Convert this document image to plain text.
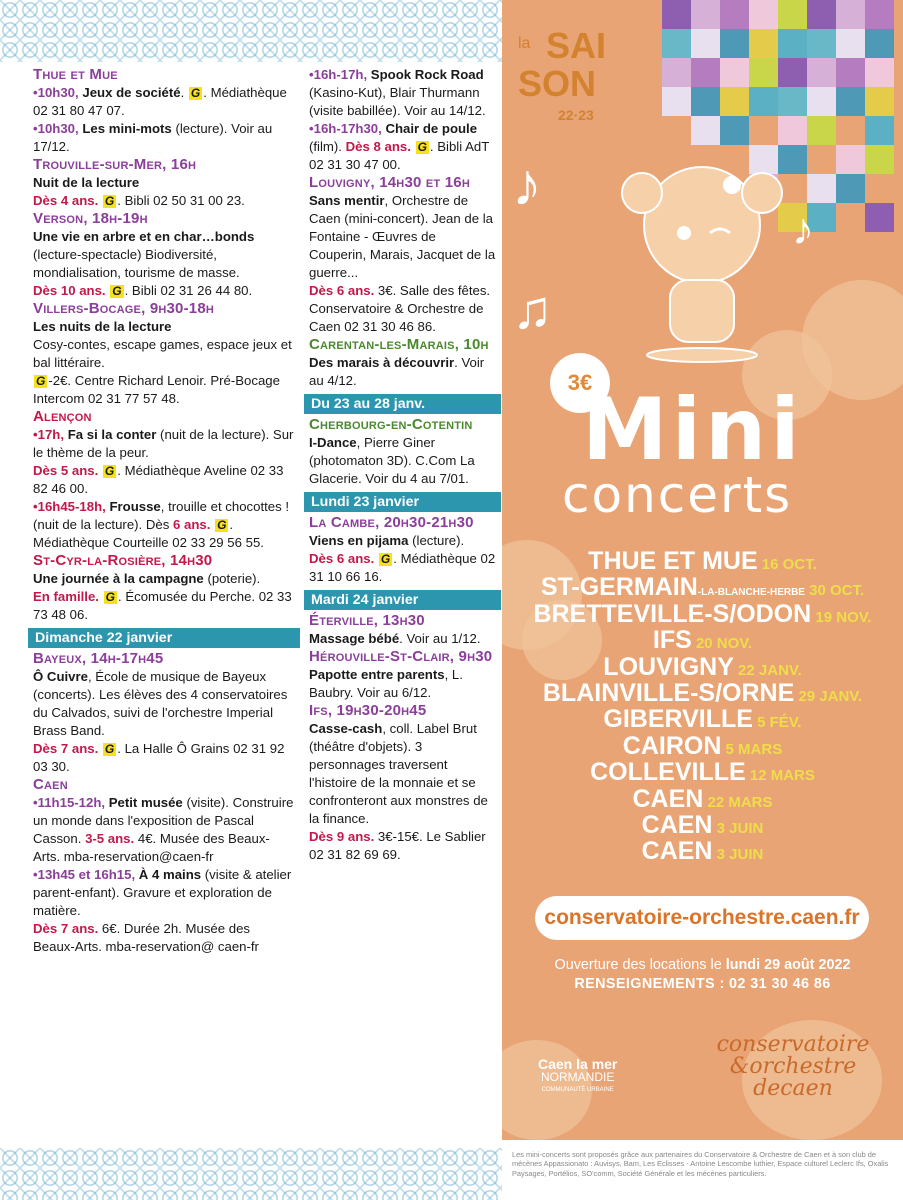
Thue et Mue

•10h30, Jeux de société. G . Médiathèque 02 31 80 47 07.

•10h30, Les mini-mots (lecture). Voir au 17/12.

Trouville-sur-Mer, 16h

Nuit de la lecture
Dès 4 ans. G . Bibli 02 50 31 00 23.

Verson, 18h-19h

Une vie en arbre et en char…bonds (lecture-spectacle) Biodiversité, mondialisation, tourisme de masse.
Dès 10 ans. G . Bibli 02 31 26 44 80.

Villers-Bocage, 9h30-18h

Les nuits de la lecture
Cosy-contes, escape games, espace jeux et bal littéraire.
G -2€. Centre Richard Lenoir. Pré-Bocage Intercom 02 31 77 57 48.

Alençon

•17h, Fa si la conter (nuit de la lecture). Sur le thème de la peur.
Dès 5 ans. G . Médiathèque Aveline 02 33 82 46 00.

•16h45-18h, Frousse, trouille et chocottes ! (nuit de la lecture). Dès 6 ans. G . Médiathèque Courteille 02 33 29 56 55.

St-Cyr-la-Rosière, 14h30

Une journée à la campagne (poterie).
En famille. G . Écomusée du Perche. 02 33 73 48 06.

Dimanche 22 janvier
Bayeux, 14h-17h45

Ô Cuivre, École de musique de Bayeux (concerts). Les élèves des 4 conservatoires du Calvados, suivi de l'orchestre Imperial Brass Band.
Dès 7 ans. G . La Halle Ô Grains 02 31 92 03 30.

Caen

•11h15-12h, Petit musée (visite). Construire un monde dans l'exposition de Pascal Casson. 3-5 ans. 4€. Musée des Beaux-Arts. mba-reservation@caen-fr

•13h45 et 16h15, À 4 mains (visite & atelier parent-enfant). Gravure et exploration de matière.
Dès 7 ans. 6€. Durée 2h. Musée des Beaux-Arts. mba-reservation@ caen-fr

•16h-17h, Spook Rock Road (Kasino-Kut), Blair Thurmann (visite babillée). Voir au 14/12.

•16h-17h30, Chair de poule (film). Dès 8 ans. G . Bibli AdT 02 31 30 47 00.

Louvigny, 14h30 et 16h

Sans mentir, Orchestre de Caen (mini-concert). Jean de la Fontaine - Œuvres de Couperin, Marais, Jacquet de la guerre...
Dès 6 ans. 3€. Salle des fêtes. Conservatoire & Orchestre de Caen 02 31 30 46 86.

Carentan-les-Marais, 10h

Des marais à découvrir. Voir au 4/12.

Du 23 au 28 janv.
Cherbourg-en-Cotentin

I-Dance, Pierre Giner (photomaton 3D). C.Com La Glacerie. Voir du 4 au 7/01.

Lundi 23 janvier
La Cambe, 20h30-21h30

Viens en pijama (lecture).
Dès 6 ans. G . Médiathèque 02 31 10 66 16.

Mardi 24 janvier
Éterville, 13h30

Massage bébé. Voir au 1/12.

Hérouville-St-Clair, 9h30

Papotte entre parents, L. Baubry. Voir au 6/12.

Ifs, 19h30-20h45

Casse-cash, coll. Label Brut (théâtre d'objets). 3 personnages traversent l'histoire de la monnaie et se confronteront aux monstres de la finance.
Dès 9 ans. 3€-15€. Le Sablier 02 31 82 69 69.

la SAI
SON
22·23
♪
♫
♪
3€
Mini
concerts
THUE ET MUE 16 OCT.
ST-GERMAIN-LA-BLANCHE-HERBE 30 OCT.
BRETTEVILLE-S/ODON 19 NOV.
IFS 20 NOV.
LOUVIGNY 22 JANV.
BLAINVILLE-S/ORNE 29 JANV.
GIBERVILLE 5 FÉV.
CAIRON 5 MARS
COLLEVILLE 12 MARS
CAEN 22 MARS
CAEN 3 JUIN
CAEN 3 JUIN
conservatoire-orchestre.caen.fr
Ouverture des locations le lundi 29 août 2022
RENSEIGNEMENTS : 02 31 30 46 86
Caen la mer
NORMANDIE
COMMUNAUTÉ URBAINE
conservatoire
&orchestre
decaen
Les mini-concerts sont proposés grâce aux partenaires du Conservatoire & Orchestre de Caen et à son club de mécènes Appassionato : Auvisys, Bam, Les Eclisses - Antoine Lescombe luthier, Espace culturel Leclerc Ifs, Oxalis Paysages, Portélios, SO'comm, Société Générale et les mécènes particuliers.
